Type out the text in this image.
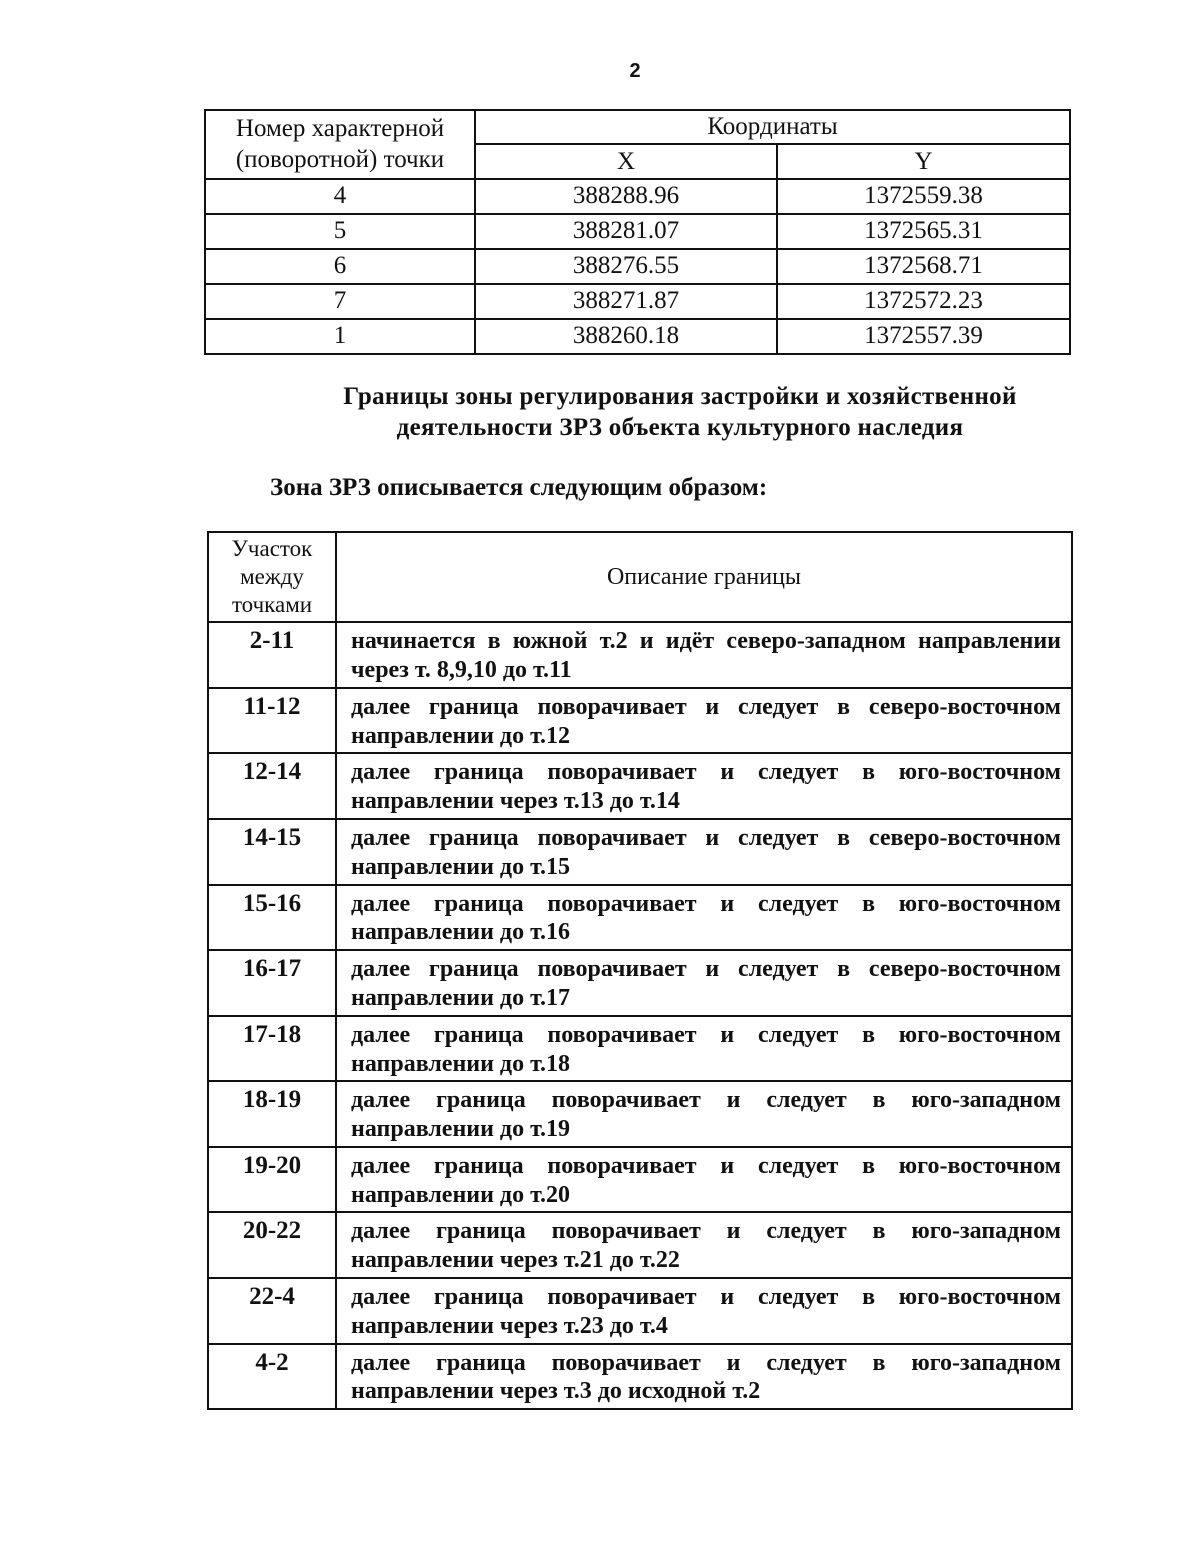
2
Номер характерной (поворотной) точки	Координаты	
	X	Y
4	388288.96	1372559.38
5	388281.07	1372565.31
6	388276.55	1372568.71
7	388271.87	1372572.23
1	388260.18	1372557.39
Границы зоны регулирования застройки и хозяйственной
деятельности ЗРЗ объекта культурного наследия
Зона ЗРЗ описывается следующим образом:
Участок между точками	Описание границы
2-11	начинается в южной т.2 и идёт северо-западном направлении
через т. 8,9,10 до т.11
11-12	далее граница поворачивает и следует в северо-восточном
направлении до т.12
12-14	далее граница поворачивает и следует в юго-восточном
направлении через т.13 до т.14
14-15	далее граница поворачивает и следует в северо-восточном
направлении до т.15
15-16	далее граница поворачивает и следует в юго-восточном
направлении до т.16
16-17	далее граница поворачивает и следует в северо-восточном
направлении до т.17
17-18	далее граница поворачивает и следует в юго-восточном
направлении до т.18
18-19	далее граница поворачивает и следует в юго-западном
направлении до т.19
19-20	далее граница поворачивает и следует в юго-восточном
направлении до т.20
20-22	далее граница поворачивает и следует в юго-западном
направлении через т.21 до т.22
22-4	далее граница поворачивает и следует в юго-восточном
направлении через т.23 до т.4
4-2	далее граница поворачивает и следует в юго-западном
направлении через т.3 до исходной т.2
